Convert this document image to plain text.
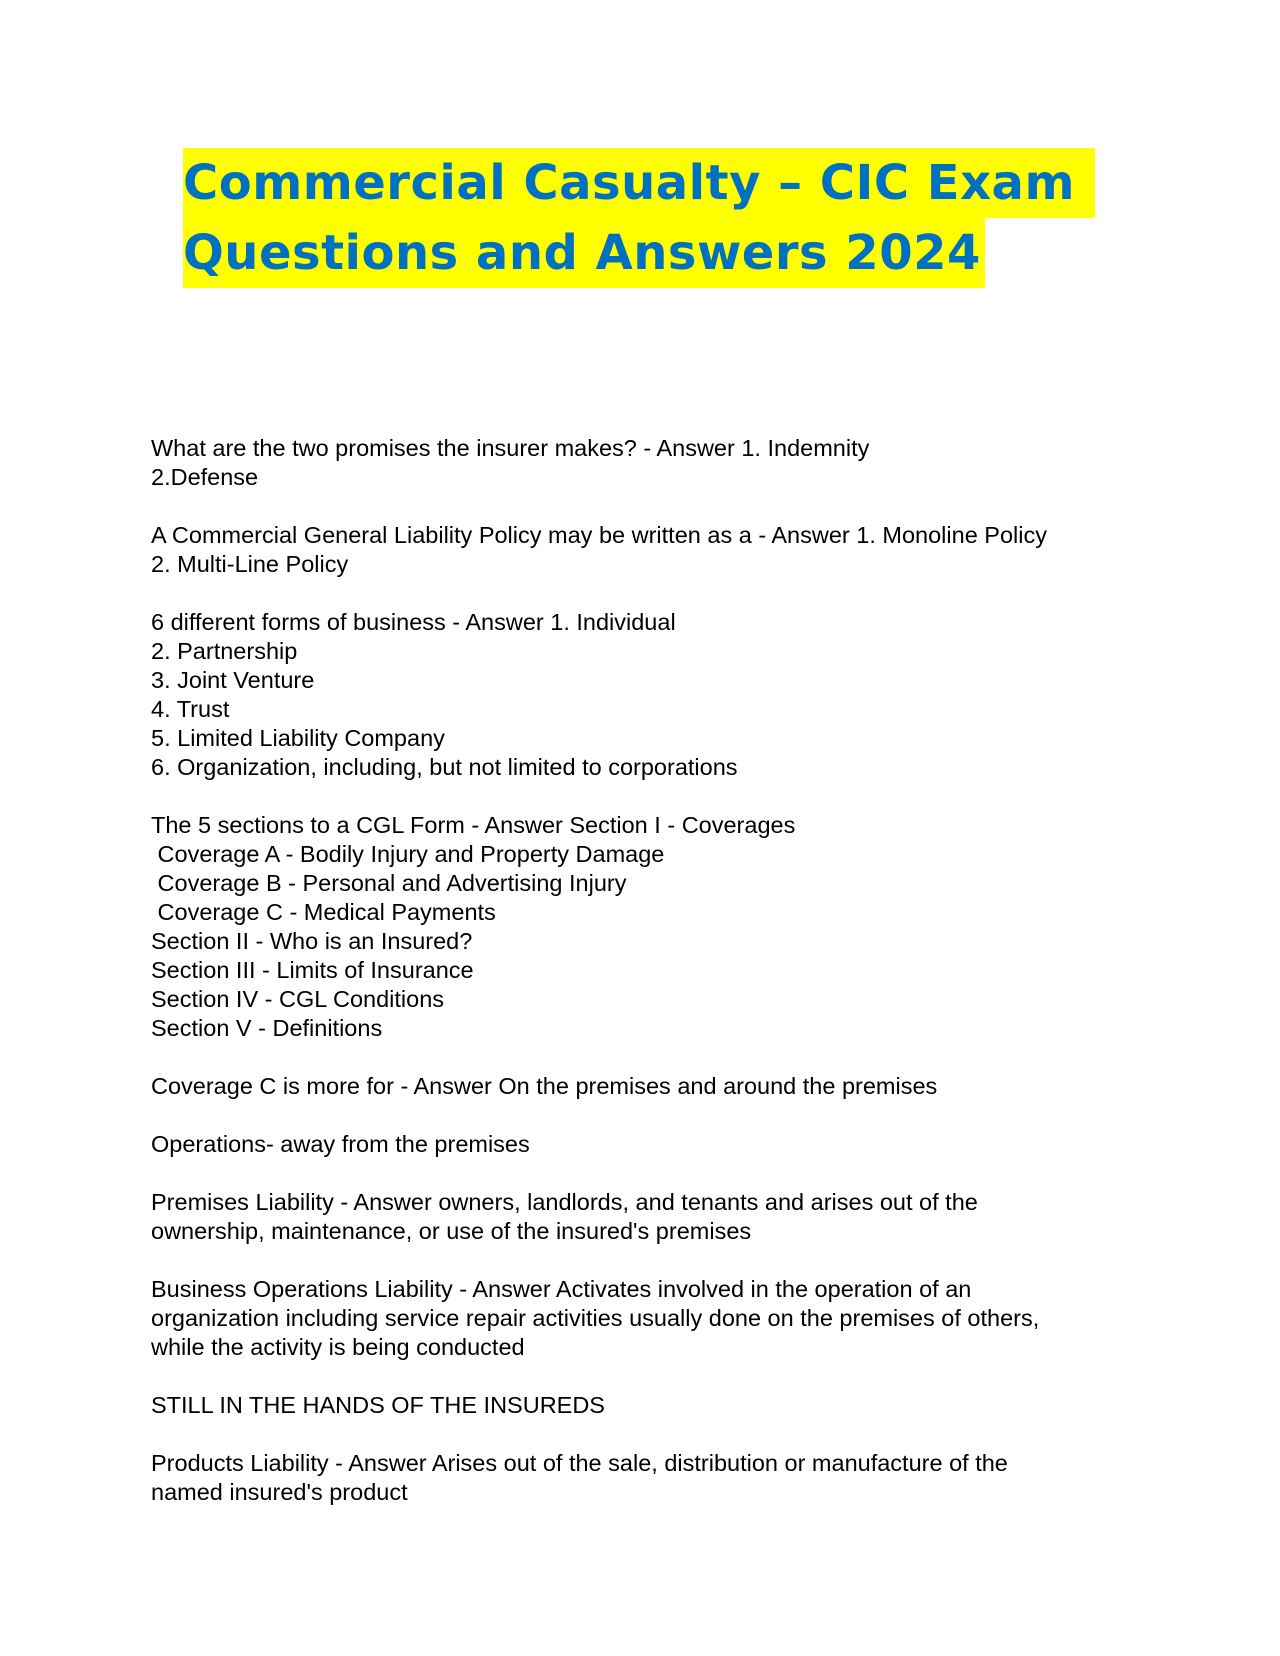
Commercial Casualty – CIC Exam
Questions and Answers 2024
What are the two promises the insurer makes? - Answer 1. Indemnity
2.Defense
A Commercial General Liability Policy may be written as a - Answer 1. Monoline Policy
2. Multi-Line Policy
6 different forms of business - Answer 1. Individual
2. Partnership
3. Joint Venture
4. Trust
5. Limited Liability Company
6. Organization, including, but not limited to corporations
The 5 sections to a CGL Form - Answer Section I - Coverages
Coverage A - Bodily Injury and Property Damage
Coverage B - Personal and Advertising Injury
Coverage C - Medical Payments
Section II - Who is an Insured?
Section III - Limits of Insurance
Section IV - CGL Conditions
Section V - Definitions
Coverage C is more for - Answer On the premises and around the premises
Operations- away from the premises
Premises Liability - Answer owners, landlords, and tenants and arises out of the
ownership, maintenance, or use of the insured's premises
Business Operations Liability - Answer Activates involved in the operation of an
organization including service repair activities usually done on the premises of others,
while the activity is being conducted
STILL IN THE HANDS OF THE INSUREDS
Products Liability - Answer Arises out of the sale, distribution or manufacture of the
named insured's product
